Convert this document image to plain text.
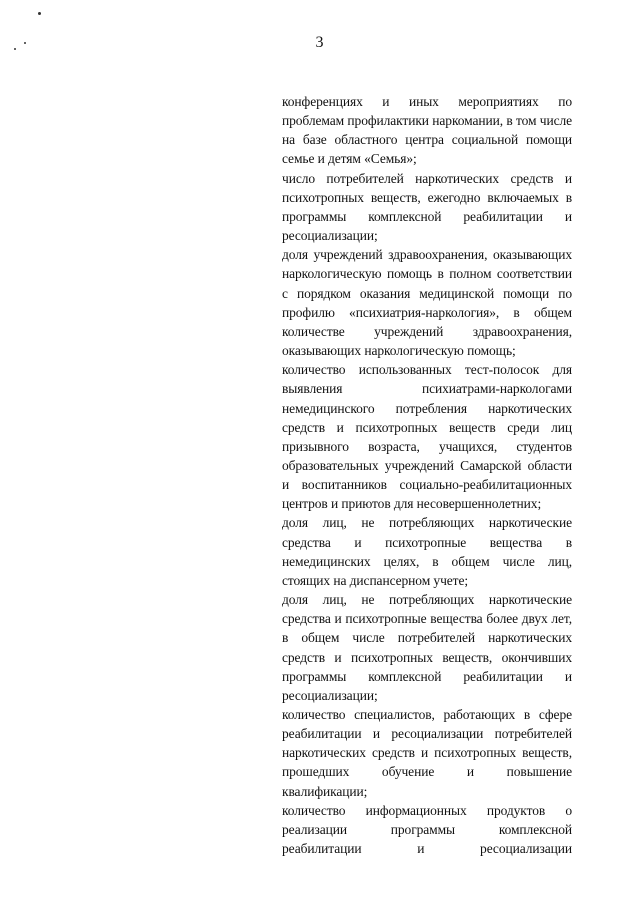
3

конференциях и иных мероприятиях по проблемам профилактики наркомании, в том числе на базе областного центра социальной помощи семье и детям «Семья»;

число потребителей наркотических средств и психотропных веществ, ежегодно включаемых в программы комплексной реабилитации и ресоциализации;

доля учреждений здравоохранения, оказывающих наркологическую помощь в полном соответствии с порядком оказания медицинской помощи по профилю «психиатрия-наркология», в общем количестве учреждений здравоохранения, оказывающих наркологическую помощь;

количество использованных тест-полосок для выявления психиатрами-наркологами немедицинского потребления наркотических средств и психотропных веществ среди лиц призывного возраста, учащихся, студентов образовательных учреждений Самарской области и воспитанников социально-реабилитационных центров и приютов для несовершеннолетних;

доля лиц, не потребляющих наркотические средства и психотропные вещества в немедицинских целях, в общем числе лиц, стоящих на диспансерном учете;

доля лиц, не потребляющих наркотические средства и психотропные вещества более двух лет, в общем числе потребителей наркотических средств и психотропных веществ, окончивших программы комплексной реабилитации и ресоциализации;

количество специалистов, работающих в сфере реабилитации и ресоциализации потребителей наркотических средств и психотропных веществ, прошедших обучение и повышение квалификации;

количество информационных продуктов о реализации программы комплексной реабилитации и ресоциализации
